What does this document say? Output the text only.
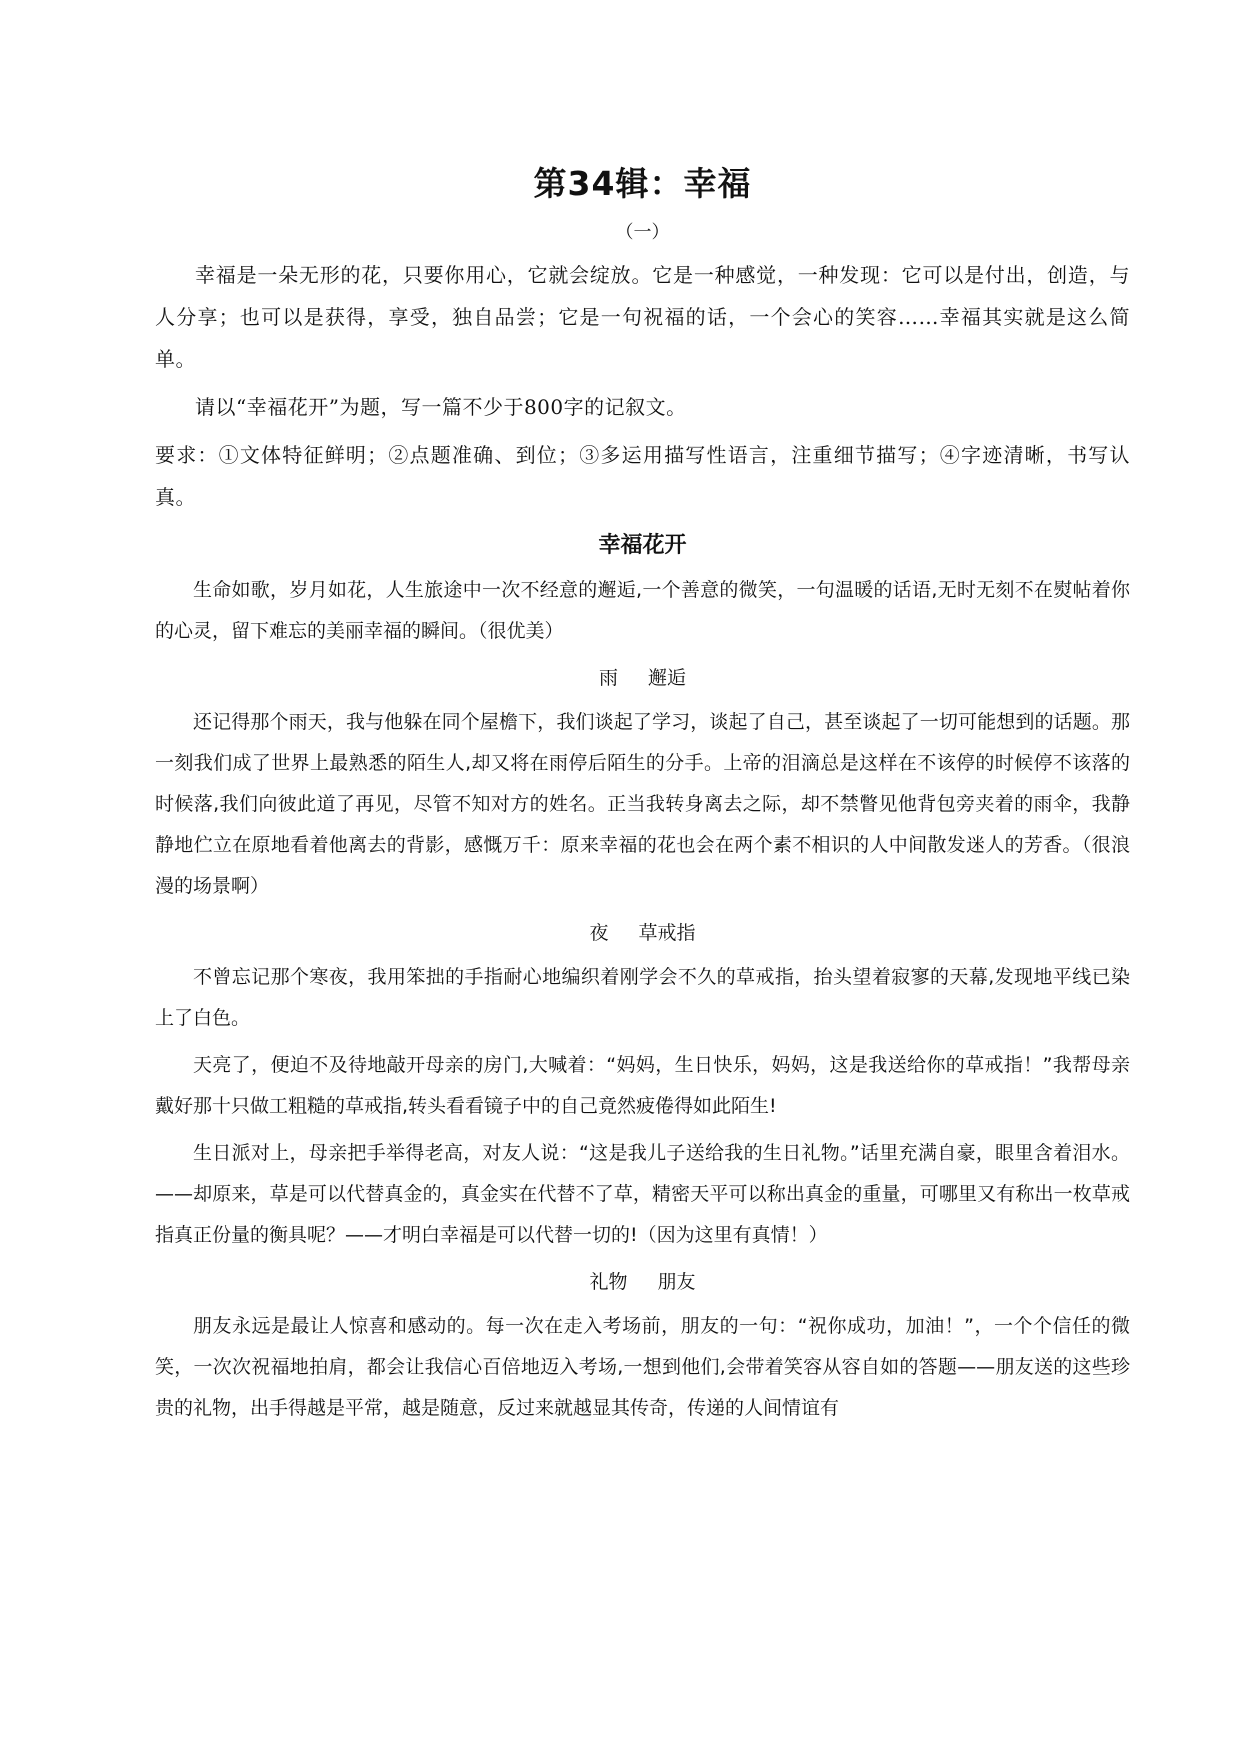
第34辑：幸福
（一）

幸福是一朵无形的花，只要你用心，它就会绽放。它是一种感觉，一种发现：它可以是付出，创造，与人分享；也可以是获得，享受，独自品尝；它是一句祝福的话，一个会心的笑容……幸福其实就是这么简单。

请以“幸福花开”为题，写一篇不少于800字的记叙文。

要求：①文体特征鲜明；②点题准确、到位；③多运用描写性语言，注重细节描写；④字迹清晰，书写认真。

幸福花开

生命如歌，岁月如花，人生旅途中一次不经意的邂逅,一个善意的微笑，一句温暖的话语,无时无刻不在熨帖着你的心灵，留下难忘的美丽幸福的瞬间。（很优美）

雨 邂逅

还记得那个雨天，我与他躲在同个屋檐下，我们谈起了学习，谈起了自己，甚至谈起了一切可能想到的话题。那一刻我们成了世界上最熟悉的陌生人,却又将在雨停后陌生的分手。上帝的泪滴总是这样在不该停的时候停不该落的时候落,我们向彼此道了再见，尽管不知对方的姓名。正当我转身离去之际，却不禁瞥见他背包旁夹着的雨伞，我静静地伫立在原地看着他离去的背影，感慨万千：原来幸福的花也会在两个素不相识的人中间散发迷人的芳香。（很浪漫的场景啊）

夜 草戒指

不曾忘记那个寒夜，我用笨拙的手指耐心地编织着刚学会不久的草戒指，抬头望着寂寥的天幕,发现地平线已染上了白色。

天亮了，便迫不及待地敲开母亲的房门,大喊着：“妈妈，生日快乐，妈妈，这是我送给你的草戒指！”我帮母亲戴好那十只做工粗糙的草戒指,转头看看镜子中的自己竟然疲倦得如此陌生!

生日派对上，母亲把手举得老高，对友人说：“这是我儿子送给我的生日礼物。”话里充满自豪，眼里含着泪水。——却原来，草是可以代替真金的，真金实在代替不了草，精密天平可以称出真金的重量，可哪里又有称出一枚草戒指真正份量的衡具呢？——才明白幸福是可以代替一切的!（因为这里有真情！）

礼物 朋友

朋友永远是最让人惊喜和感动的。每一次在走入考场前，朋友的一句：“祝你成功，加油！”，一个个信任的微笑，一次次祝福地拍肩，都会让我信心百倍地迈入考场,一想到他们,会带着笑容从容自如的答题——朋友送的这些珍贵的礼物，出手得越是平常，越是随意，反过来就越显其传奇，传递的人间情谊有
